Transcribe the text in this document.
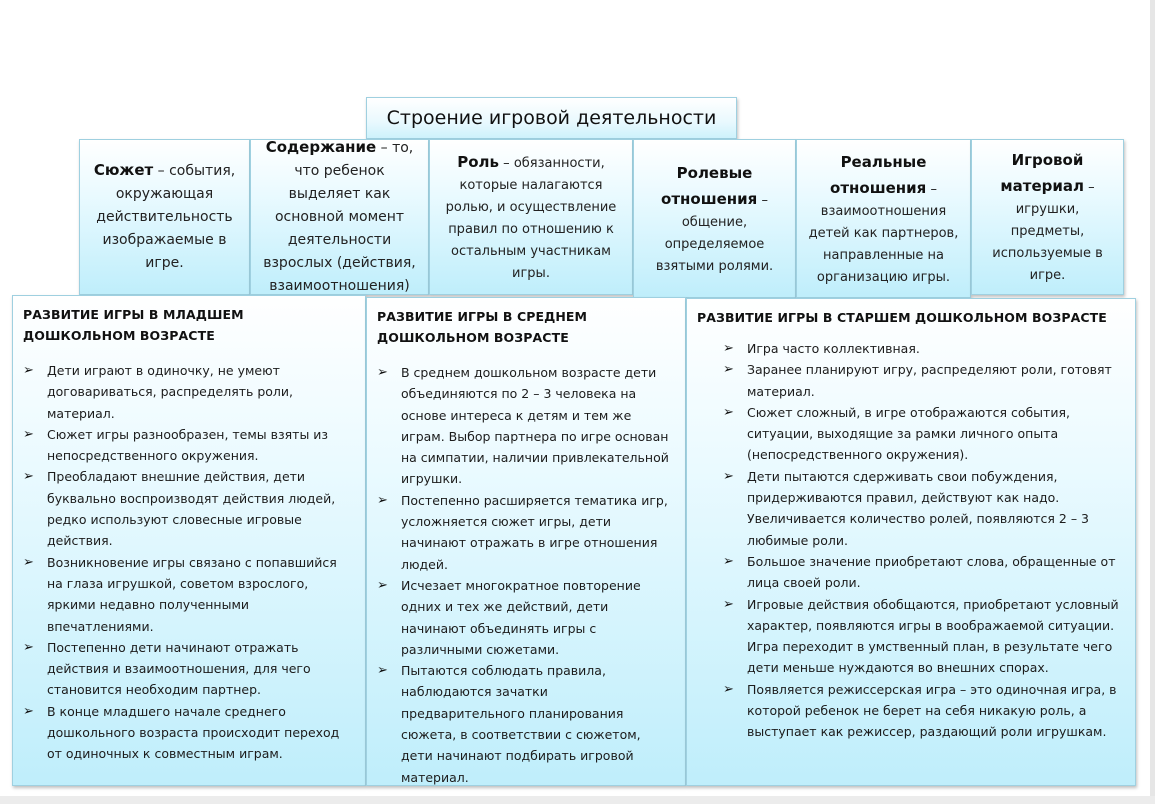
Строение игровой деятельности
Сюжет – события, окружающая действительность изображаемые в игре.
Содержание – то, что ребенок выделяет как основной момент деятельности взрослых (действия, взаимоотношения)
Роль – обязанности, которые налагаются ролью, и осуществление правил по отношению к остальным участникам игры.
Ролевые отношения – общение, определяемое взятыми ролями.
Реальные отношения – взаимоотношения детей как партнеров, направленные на организацию игры.
Игровой материал – игрушки, предметы, используемые в игре.
РАЗВИТИЕ ИГРЫ В МЛАДШЕМ ДОШКОЛЬНОМ ВОЗРАСТЕ
➢ Дети играют в одиночку, не умеют договариваться, распределять роли, материал.
➢ Сюжет игры разнообразен, темы взяты из непосредственного окружения.
➢ Преобладают внешние действия, дети буквально воспроизводят действия людей, редко используют словесные игровые действия.
➢ Возникновение игры связано с попавшийся на глаза игрушкой, советом взрослого, яркими недавно полученными впечатлениями.
➢ Постепенно дети начинают отражать действия и взаимоотношения, для чего становится необходим партнер.
➢ В конце младшего начале среднего дошкольного возраста происходит переход от одиночных к совместным играм.
РАЗВИТИЕ ИГРЫ В СРЕДНЕМ ДОШКОЛЬНОМ ВОЗРАСТЕ
➢ В среднем дошкольном возрасте дети объединяются по 2 – 3 человека на основе интереса к детям и тем же играм. Выбор партнера по игре основан на симпатии, наличии привлекательной игрушки.
➢ Постепенно расширяется тематика игр, усложняется сюжет игры, дети начинают отражать в игре отношения людей.
➢ Исчезает многократное повторение одних и тех же действий, дети начинают объединять игры с различными сюжетами.
➢ Пытаются соблюдать правила, наблюдаются зачатки предварительного планирования сюжета, в соответствии с сюжетом, дети начинают подбирать игровой материал.
РАЗВИТИЕ ИГРЫ В СТАРШЕМ ДОШКОЛЬНОМ ВОЗРАСТЕ
➢ Игра часто коллективная.
➢ Заранее планируют игру, распределяют роли, готовят материал.
➢ Сюжет сложный, в игре отображаются события, ситуации, выходящие за рамки личного опыта (непосредственного окружения).
➢ Дети пытаются сдерживать свои побуждения, придерживаются правил, действуют как надо. Увеличивается количество ролей, появляются 2 – 3 любимые роли.
➢ Большое значение приобретают слова, обращенные от лица своей роли.
➢ Игровые действия обобщаются, приобретают условный характер, появляются игры в воображаемой ситуации. Игра переходит в умственный план, в результате чего дети меньше нуждаются во внешних спорах.
➢ Появляется режиссерская игра – это одиночная игра, в которой ребенок не берет на себя никакую роль, а выступает как режиссер, раздающий роли игрушкам.
